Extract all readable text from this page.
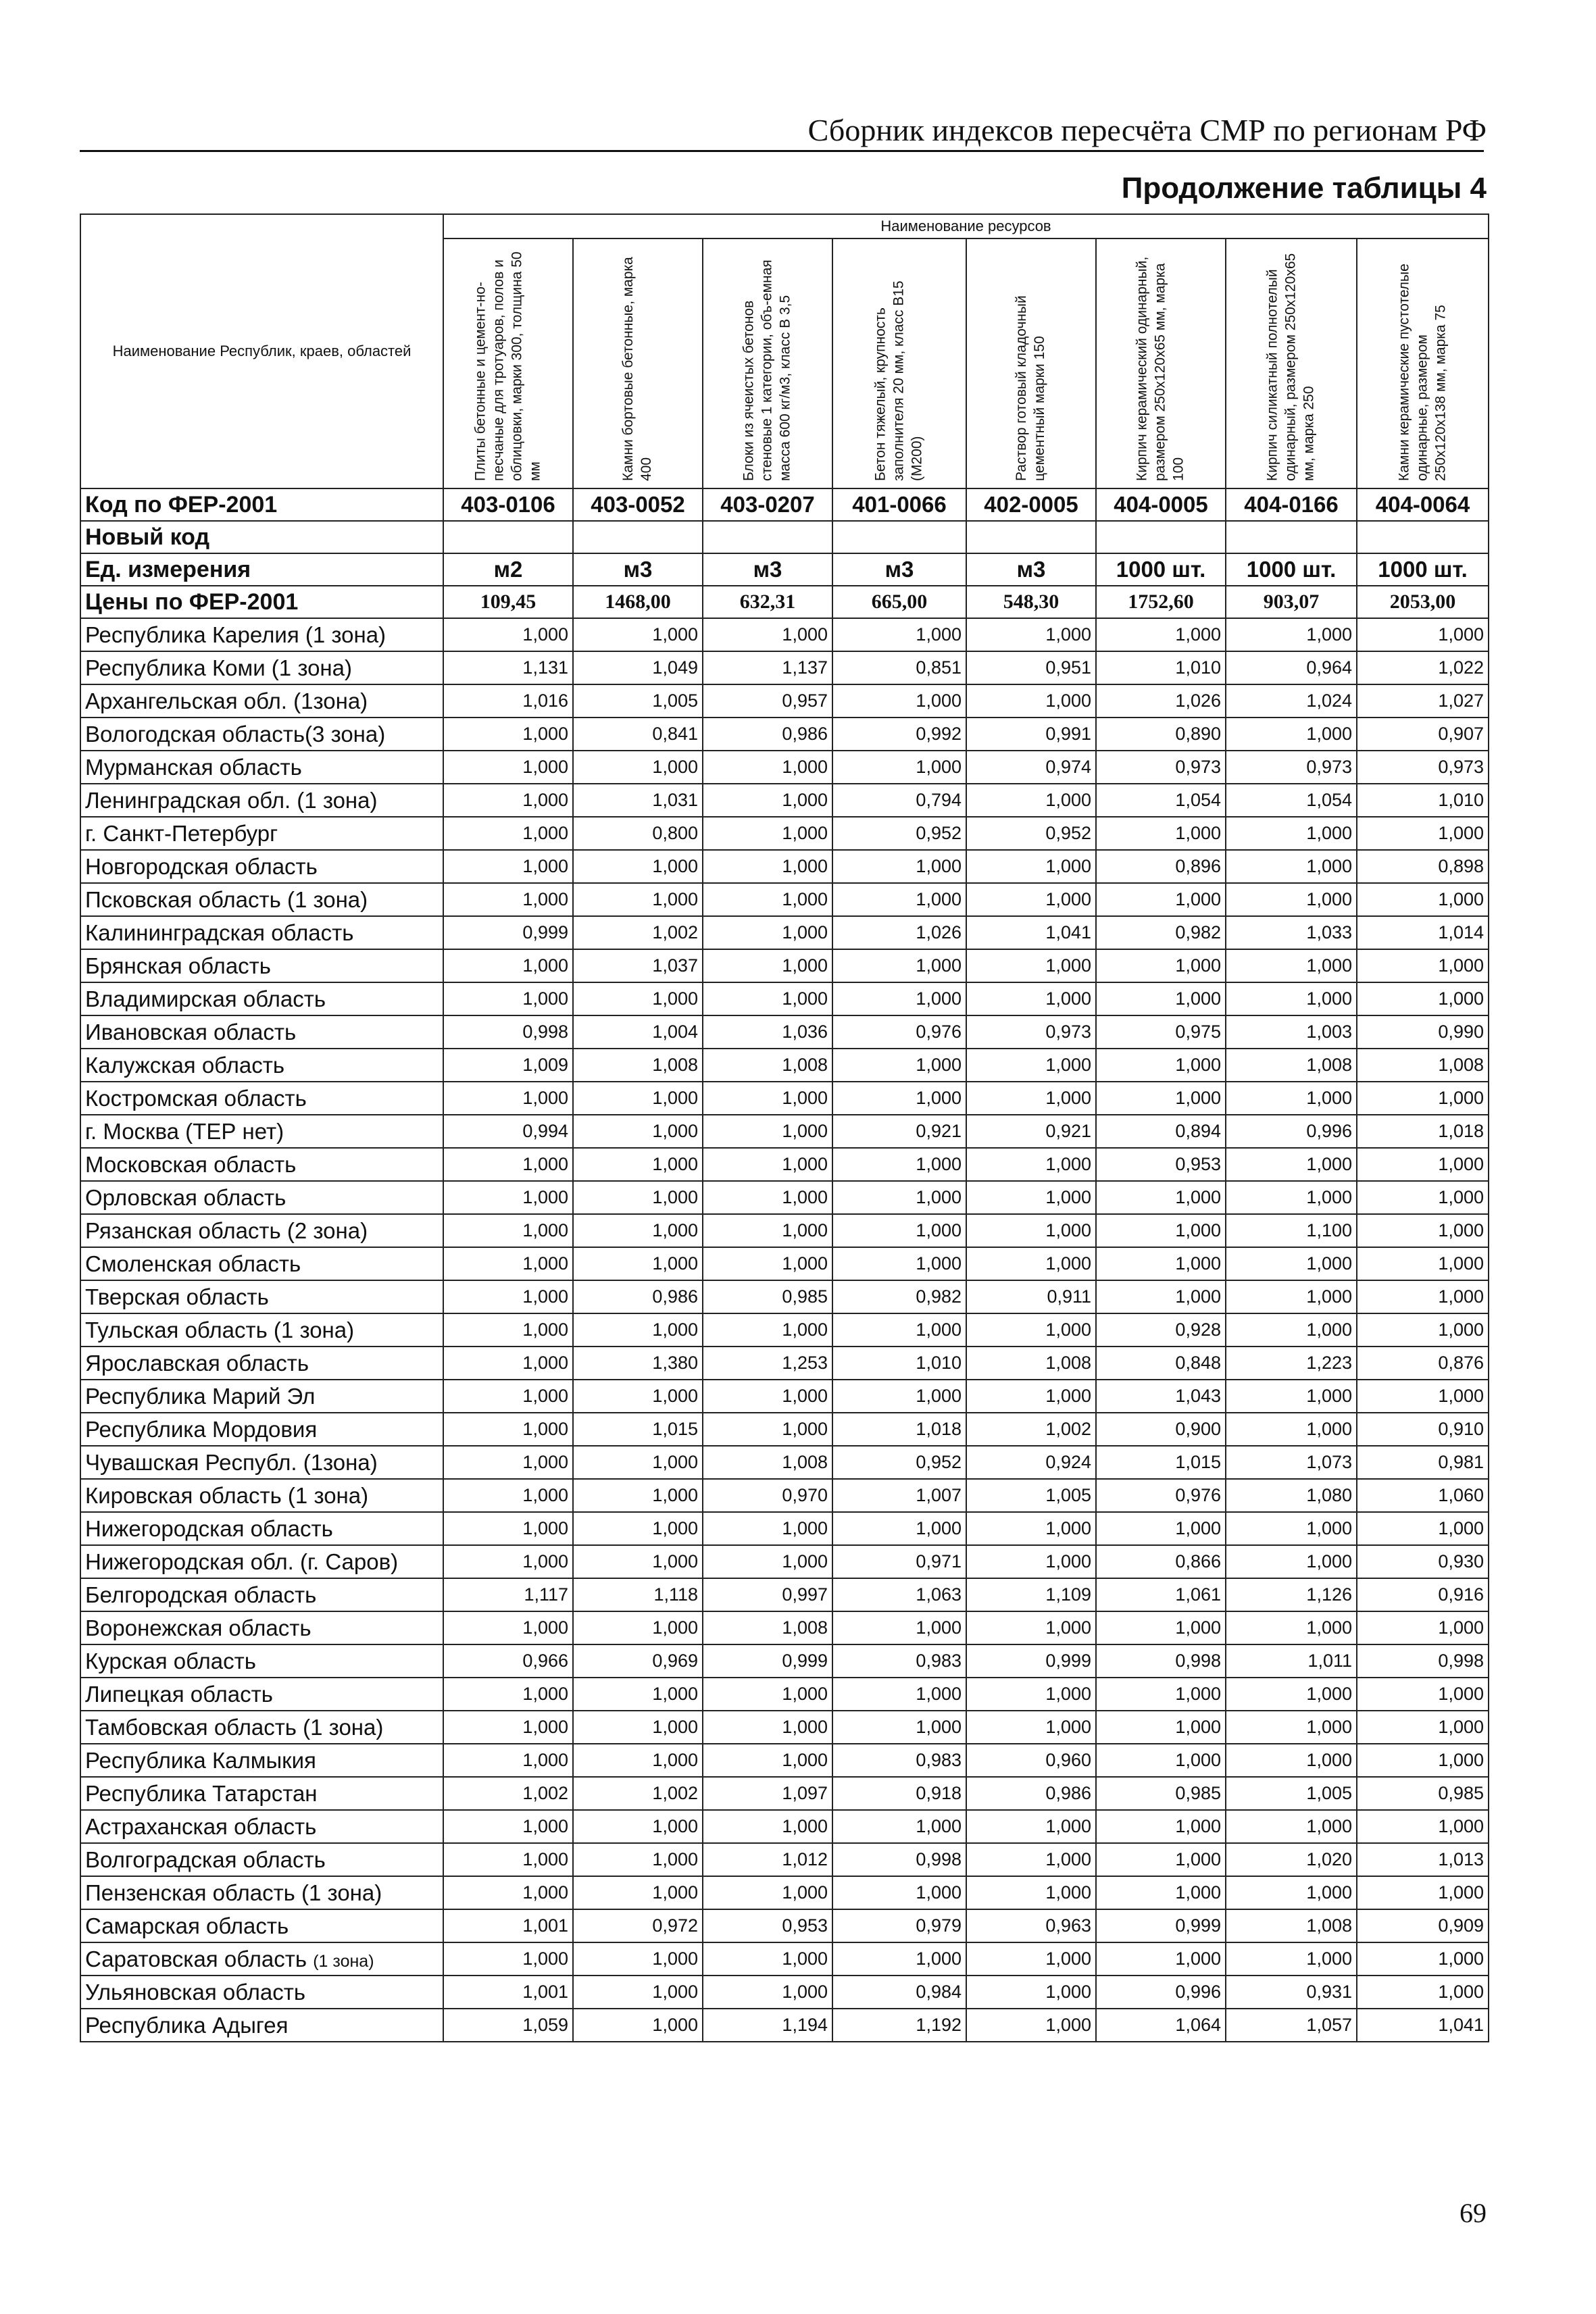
Сборник индексов пересчёта СМР по регионам РФ
Продолжение таблицы 4
Наименование Республик, краев, областей	Наименование ресурсов							

	Плиты бетонные и цемент-но-песчаные для тротуаров, полов и облицовки, марки 300, толщина 50 мм	Камни бортовые бетонные, марка 400	Блоки из ячеистых бетонов стеновые 1 категории, объ-емная масса 600 кг/м3, класс В 3,5	Бетон тяжелый, крупность заполнителя 20 мм, класс В15 (М200)	Раствор готовый кладочный цементный марки 150	Кирпич керамический одинарный, размером 250х120х65 мм, марка 100	Кирпич силикатный полнотелый одинарный, размером 250х120х65 мм, марка 250	Камни керамические пустотелые одинарные, размером 250х120х138 мм, марка 75

Код по ФЕР-2001	403-0106	403-0052	403-0207	401-0066	402-0005	404-0005	404-0166	404-0064
Новый код								
Ед. измерения	м2	м3	м3	м3	м3	1000 шт.	1000 шт.	1000 шт.
Цены по ФЕР-2001	109,45	1468,00	632,31	665,00	548,30	1752,60	903,07	2053,00
Республика Карелия (1 зона)	1,000	1,000	1,000	1,000	1,000	1,000	1,000	1,000
Республика Коми (1 зона)	1,131	1,049	1,137	0,851	0,951	1,010	0,964	1,022
Архангельская обл. (1зона)	1,016	1,005	0,957	1,000	1,000	1,026	1,024	1,027
Вологодская область(3 зона)	1,000	0,841	0,986	0,992	0,991	0,890	1,000	0,907
Мурманская область	1,000	1,000	1,000	1,000	0,974	0,973	0,973	0,973
Ленинградская обл. (1 зона)	1,000	1,031	1,000	0,794	1,000	1,054	1,054	1,010
г. Санкт-Петербург	1,000	0,800	1,000	0,952	0,952	1,000	1,000	1,000
Новгородская область	1,000	1,000	1,000	1,000	1,000	0,896	1,000	0,898
Псковская область (1 зона)	1,000	1,000	1,000	1,000	1,000	1,000	1,000	1,000
Калининградская область	0,999	1,002	1,000	1,026	1,041	0,982	1,033	1,014
Брянская область	1,000	1,037	1,000	1,000	1,000	1,000	1,000	1,000
Владимирская область	1,000	1,000	1,000	1,000	1,000	1,000	1,000	1,000
Ивановская область	0,998	1,004	1,036	0,976	0,973	0,975	1,003	0,990
Калужская область	1,009	1,008	1,008	1,000	1,000	1,000	1,008	1,008
Костромская область	1,000	1,000	1,000	1,000	1,000	1,000	1,000	1,000
г. Москва (ТЕР нет)	0,994	1,000	1,000	0,921	0,921	0,894	0,996	1,018
Московская область	1,000	1,000	1,000	1,000	1,000	0,953	1,000	1,000
Орловская область	1,000	1,000	1,000	1,000	1,000	1,000	1,000	1,000
Рязанская область (2 зона)	1,000	1,000	1,000	1,000	1,000	1,000	1,100	1,000
Смоленская область	1,000	1,000	1,000	1,000	1,000	1,000	1,000	1,000
Тверская область	1,000	0,986	0,985	0,982	0,911	1,000	1,000	1,000
Тульская область (1 зона)	1,000	1,000	1,000	1,000	1,000	0,928	1,000	1,000
Ярославская область	1,000	1,380	1,253	1,010	1,008	0,848	1,223	0,876
Республика Марий Эл	1,000	1,000	1,000	1,000	1,000	1,043	1,000	1,000
Республика Мордовия	1,000	1,015	1,000	1,018	1,002	0,900	1,000	0,910
Чувашская Республ. (1зона)	1,000	1,000	1,008	0,952	0,924	1,015	1,073	0,981
Кировская область (1 зона)	1,000	1,000	0,970	1,007	1,005	0,976	1,080	1,060
Нижегородская область	1,000	1,000	1,000	1,000	1,000	1,000	1,000	1,000
Нижегородская обл. (г. Саров)	1,000	1,000	1,000	0,971	1,000	0,866	1,000	0,930
Белгородская область	1,117	1,118	0,997	1,063	1,109	1,061	1,126	0,916
Воронежская область	1,000	1,000	1,008	1,000	1,000	1,000	1,000	1,000
Курская область	0,966	0,969	0,999	0,983	0,999	0,998	1,011	0,998
Липецкая область	1,000	1,000	1,000	1,000	1,000	1,000	1,000	1,000
Тамбовская область (1 зона)	1,000	1,000	1,000	1,000	1,000	1,000	1,000	1,000
Республика Калмыкия	1,000	1,000	1,000	0,983	0,960	1,000	1,000	1,000
Республика Татарстан	1,002	1,002	1,097	0,918	0,986	0,985	1,005	0,985
Астраханская область	1,000	1,000	1,000	1,000	1,000	1,000	1,000	1,000
Волгоградская область	1,000	1,000	1,012	0,998	1,000	1,000	1,020	1,013
Пензенская область (1 зона)	1,000	1,000	1,000	1,000	1,000	1,000	1,000	1,000
Самарская область	1,001	0,972	0,953	0,979	0,963	0,999	1,008	0,909
Саратовская область (1 зона)	1,000	1,000	1,000	1,000	1,000	1,000	1,000	1,000
Ульяновская область	1,001	1,000	1,000	0,984	1,000	0,996	0,931	1,000
Республика Адыгея	1,059	1,000	1,194	1,192	1,000	1,064	1,057	1,041
69
